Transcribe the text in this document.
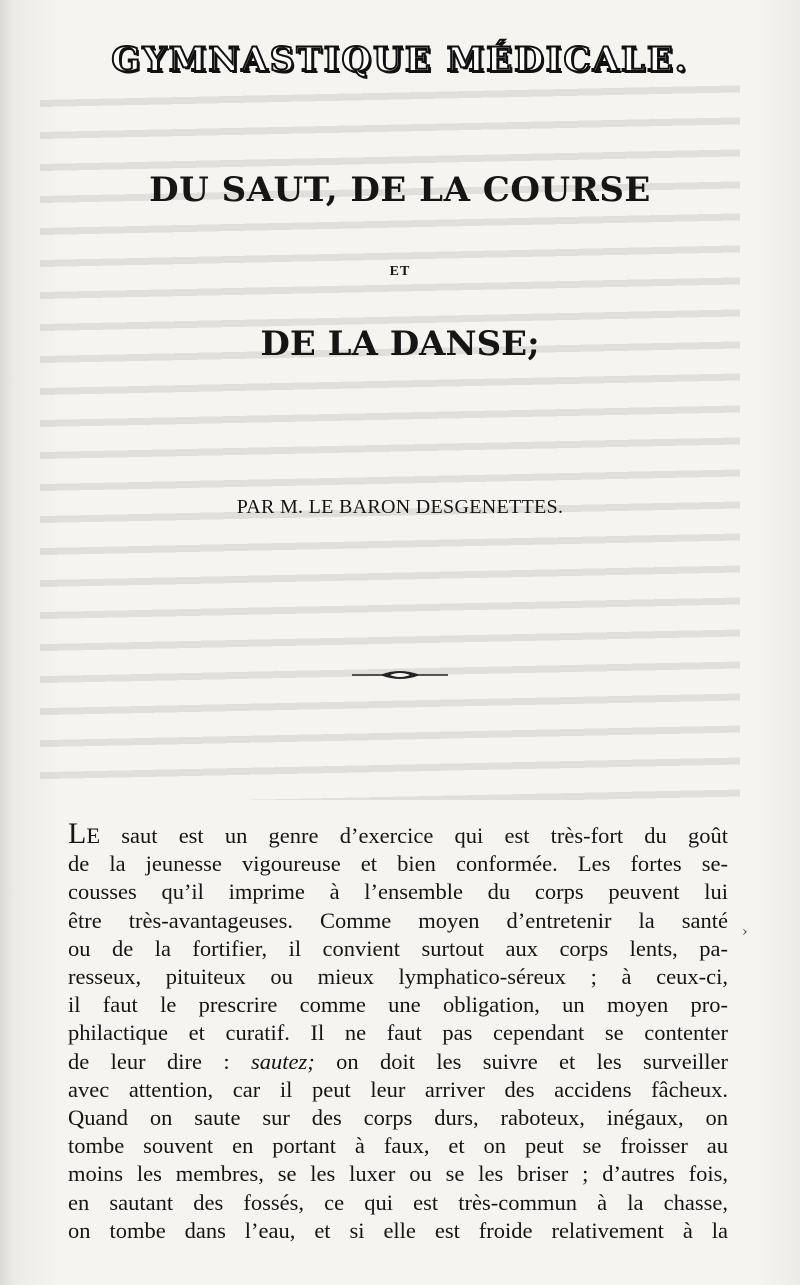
GYMNASTIQUE MÉDICALE.
DU SAUT, DE LA COURSE
ET
DE LA DANSE;
PAR M. LE BARON DESGENETTES.
›
LE saut est un genre d’exercice qui est très-fort du goût
de la jeunesse vigoureuse et bien conformée. Les fortes se-
cousses qu’il imprime à l’ensemble du corps peuvent lui
être très-avantageuses. Comme moyen d’entretenir la santé
ou de la fortifier, il convient surtout aux corps lents, pa-
resseux, pituiteux ou mieux lymphatico-séreux ; à ceux-ci,
il faut le prescrire comme une obligation, un moyen pro-
philactique et curatif. Il ne faut pas cependant se contenter
de leur dire : sautez; on doit les suivre et les surveiller
avec attention, car il peut leur arriver des accidens fâcheux.
Quand on saute sur des corps durs, raboteux, inégaux, on
tombe souvent en portant à faux, et on peut se froisser au
moins les membres, se les luxer ou se les briser ; d’autres fois,
en sautant des fossés, ce qui est très-commun à la chasse,
on tombe dans l’eau, et si elle est froide relativement à la
